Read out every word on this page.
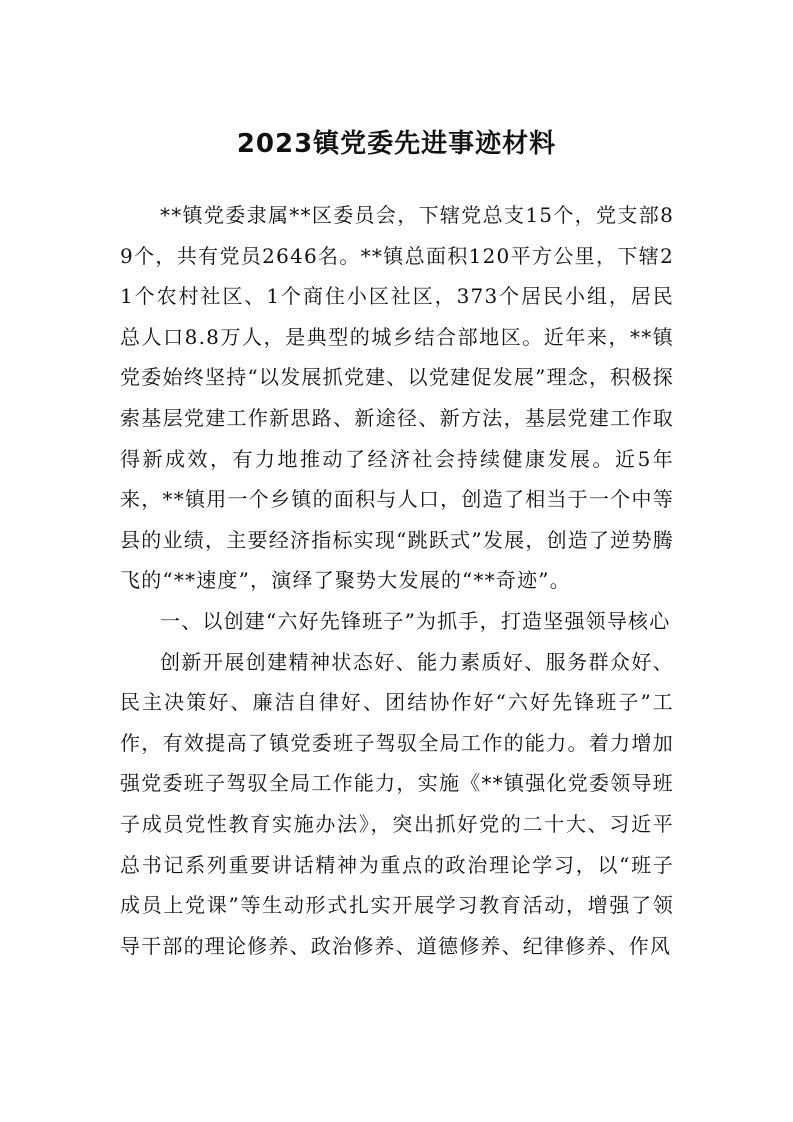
2023镇党委先进事迹材料

**镇党委隶属**区委员会，下辖党总支15个，党支部89个，共有党员2646名。**镇总面积120平方公里，下辖21个农村社区、1个商住小区社区，373个居民小组，居民总人口8.8万人，是典型的城乡结合部地区。近年来，**镇党委始终坚持“以发展抓党建、以党建促发展”理念，积极探索基层党建工作新思路、新途径、新方法，基层党建工作取得新成效，有力地推动了经济社会持续健康发展。近5年来，**镇用一个乡镇的面积与人口，创造了相当于一个中等县的业绩，主要经济指标实现“跳跃式”发展，创造了逆势腾飞的“**速度”，演绎了聚势大发展的“**奇迹”。

一、以创建“六好先锋班子”为抓手，打造坚强领导核心

创新开展创建精神状态好、能力素质好、服务群众好、民主决策好、廉洁自律好、团结协作好“六好先锋班子”工作，有效提高了镇党委班子驾驭全局工作的能力。着力增加强党委班子驾驭全局工作能力，实施《**镇强化党委领导班子成员党性教育实施办法》，突出抓好党的二十大、习近平总书记系列重要讲话精神为重点的政治理论学习，以“班子成员上党课”等生动形式扎实开展学习教育活动，增强了领导干部的理论修养、政治修养、道德修养、纪律修养、作风
